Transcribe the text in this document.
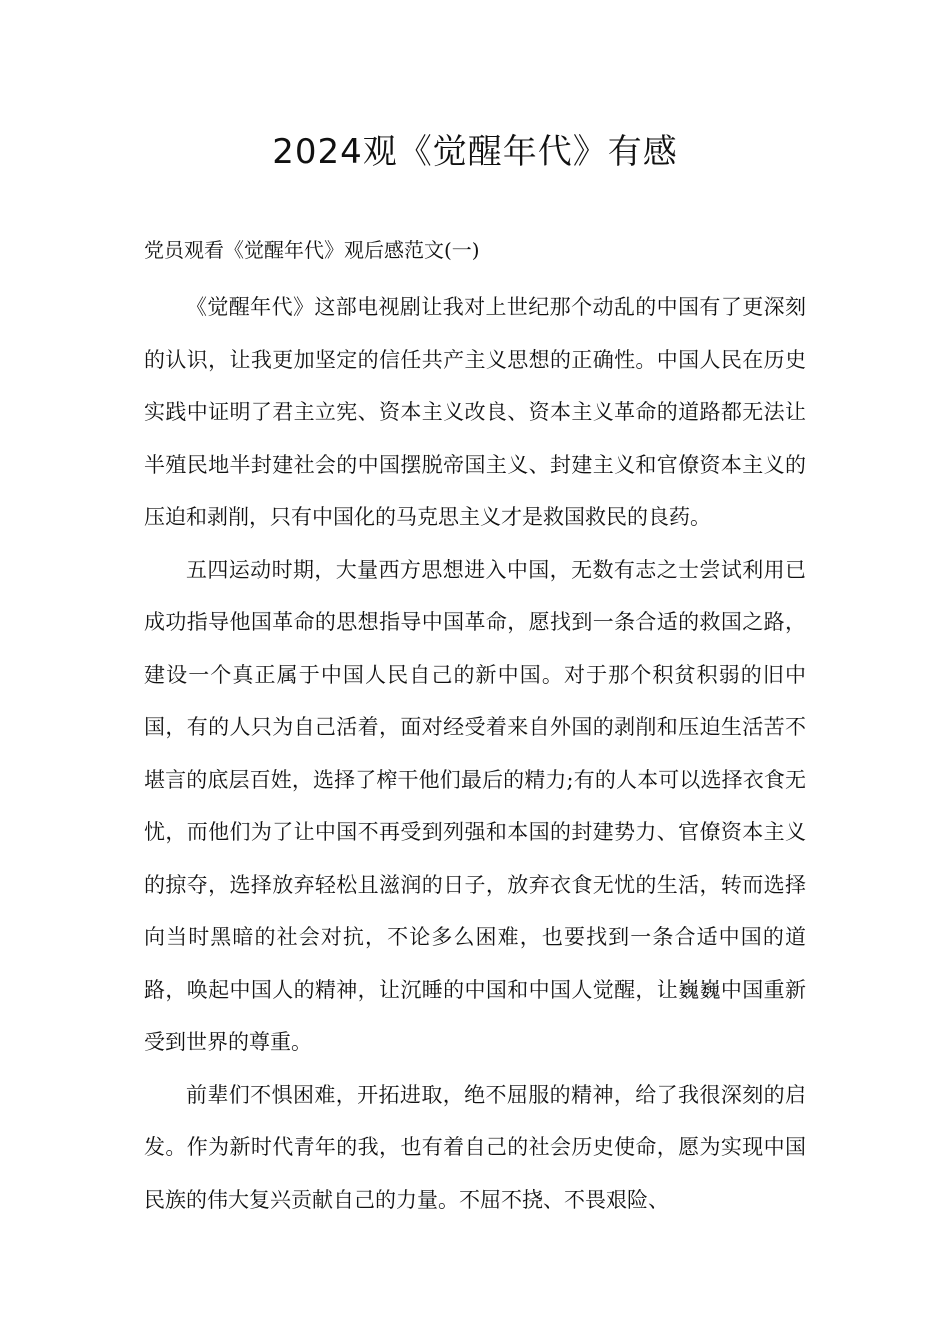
2024观《觉醒年代》有感

党员观看《觉醒年代》观后感范文(一)

《觉醒年代》这部电视剧让我对上世纪那个动乱的中国有了更深刻的认识，让我更加坚定的信任共产主义思想的正确性。中国人民在历史实践中证明了君主立宪、资本主义改良、资本主义革命的道路都无法让半殖民地半封建社会的中国摆脱帝国主义、封建主义和官僚资本主义的压迫和剥削，只有中国化的马克思主义才是救国救民的良药。

五四运动时期，大量西方思想进入中国，无数有志之士尝试利用已成功指导他国革命的思想指导中国革命，愿找到一条合适的救国之路，建设一个真正属于中国人民自己的新中国。对于那个积贫积弱的旧中国，有的人只为自己活着，面对经受着来自外国的剥削和压迫生活苦不堪言的底层百姓，选择了榨干他们最后的精力;有的人本可以选择衣食无忧，而他们为了让中国不再受到列强和本国的封建势力、官僚资本主义的掠夺，选择放弃轻松且滋润的日子，放弃衣食无忧的生活，转而选择向当时黑暗的社会对抗，不论多么困难，也要找到一条合适中国的道路，唤起中国人的精神，让沉睡的中国和中国人觉醒，让巍巍中国重新受到世界的尊重。

前辈们不惧困难，开拓进取，绝不屈服的精神，给了我很深刻的启发。作为新时代青年的我，也有着自己的社会历史使命，愿为实现中国民族的伟大复兴贡献自己的力量。不屈不挠、不畏艰险、
